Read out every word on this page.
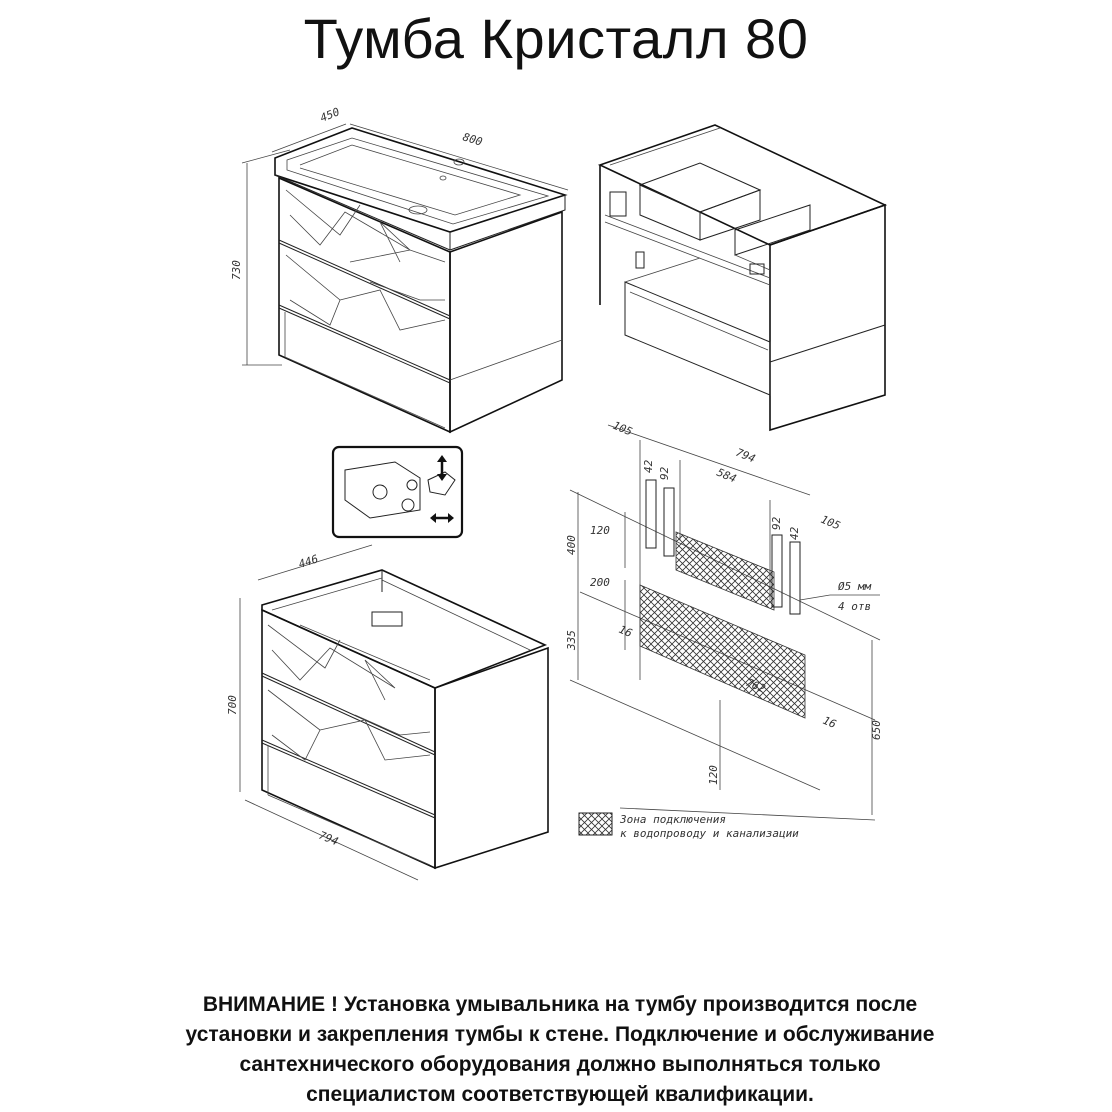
Тумба Кристалл 80
450
800
730
446
700
794
105
794
42
92	584
105
92
42
400
120
200
335	16
762
16	650
120
Ø5 мм
4 отв
Зона подключения
к водопроводу и канализации
ВНИМАНИЕ ! Установка умывальника на тумбу производится после
установки и закрепления тумбы к стене. Подключение и обслуживание
сантехнического оборудования должно выполняться только
специалистом соответствующей квалификации.
